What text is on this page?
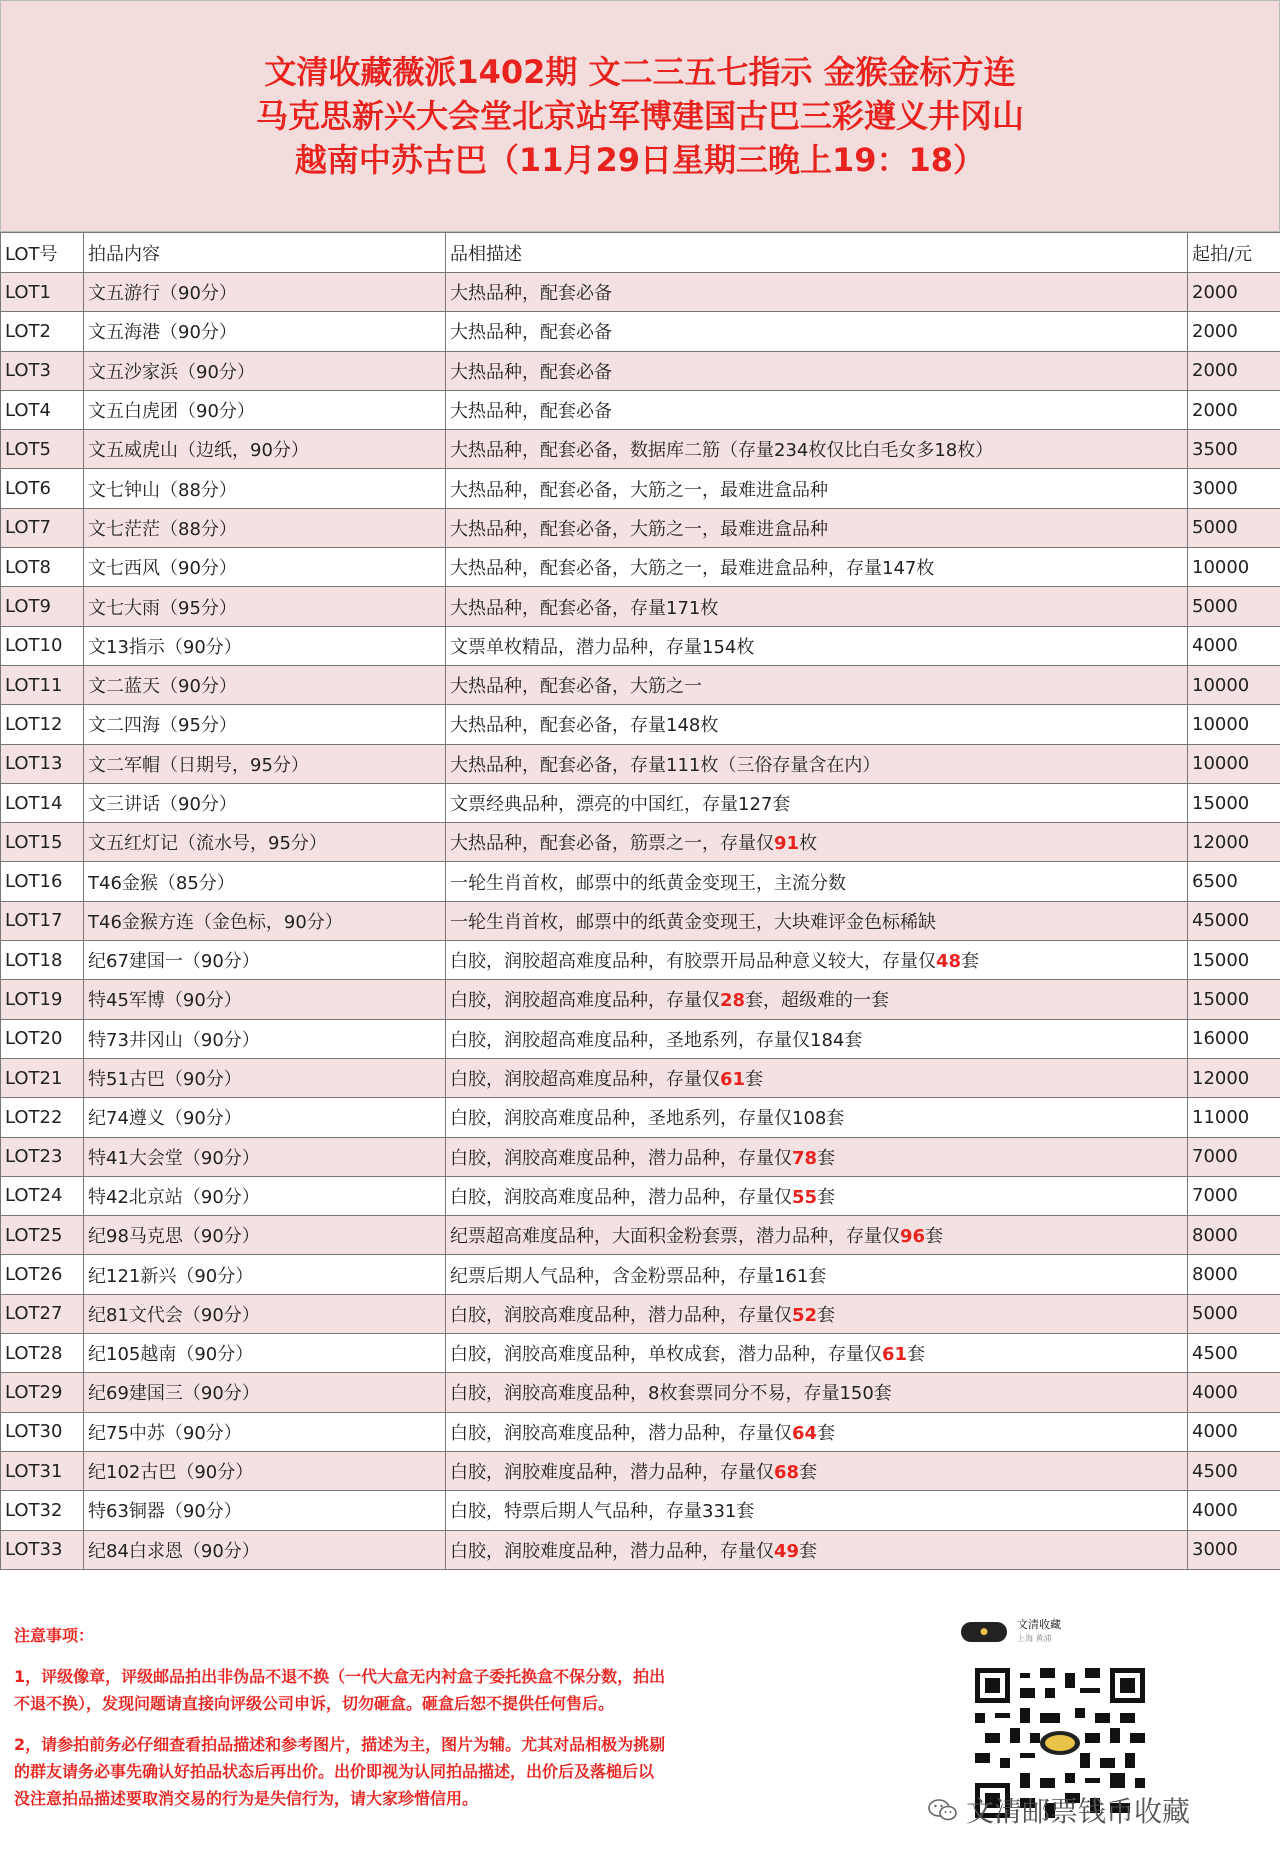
文清收藏薇派1402期 文二三五七指示 金猴金标方连
马克思新兴大会堂北京站军博建国古巴三彩遵义井冈山
越南中苏古巴（11月29日星期三晚上19：18）
LOT号	拍品内容	品相描述	起拍/元
LOT1	文五游行（90分）	大热品种，配套必备	2000
LOT2	文五海港（90分）	大热品种，配套必备	2000
LOT3	文五沙家浜（90分）	大热品种，配套必备	2000
LOT4	文五白虎团（90分）	大热品种，配套必备	2000
LOT5	文五威虎山（边纸，90分）	大热品种，配套必备，数据库二筋（存量234枚仅比白毛女多18枚）	3500
LOT6	文七钟山（88分）	大热品种，配套必备，大筋之一，最难进盒品种	3000
LOT7	文七茫茫（88分）	大热品种，配套必备，大筋之一，最难进盒品种	5000
LOT8	文七西风（90分）	大热品种，配套必备，大筋之一，最难进盒品种，存量147枚	10000
LOT9	文七大雨（95分）	大热品种，配套必备，存量171枚	5000
LOT10	文13指示（90分）	文票单枚精品，潜力品种，存量154枚	4000
LOT11	文二蓝天（90分）	大热品种，配套必备，大筋之一	10000
LOT12	文二四海（95分）	大热品种，配套必备，存量148枚	10000
LOT13	文二军帽（日期号，95分）	大热品种，配套必备，存量111枚（三俗存量含在内）	10000
LOT14	文三讲话（90分）	文票经典品种，漂亮的中国红，存量127套	15000
LOT15	文五红灯记（流水号，95分）	大热品种，配套必备，筋票之一，存量仅91枚	12000
LOT16	T46金猴（85分）	一轮生肖首枚，邮票中的纸黄金变现王，主流分数	6500
LOT17	T46金猴方连（金色标，90分）	一轮生肖首枚，邮票中的纸黄金变现王，大块难评金色标稀缺	45000
LOT18	纪67建国一（90分）	白胶，润胶超高难度品种，有胶票开局品种意义较大，存量仅48套	15000
LOT19	特45军博（90分）	白胶，润胶超高难度品种，存量仅28套，超级难的一套	15000
LOT20	特73井冈山（90分）	白胶，润胶超高难度品种，圣地系列，存量仅184套	16000
LOT21	特51古巴（90分）	白胶，润胶超高难度品种，存量仅61套	12000
LOT22	纪74遵义（90分）	白胶，润胶高难度品种，圣地系列，存量仅108套	11000
LOT23	特41大会堂（90分）	白胶，润胶高难度品种，潜力品种，存量仅78套	7000
LOT24	特42北京站（90分）	白胶，润胶高难度品种，潜力品种，存量仅55套	7000
LOT25	纪98马克思（90分）	纪票超高难度品种，大面积金粉套票，潜力品种，存量仅96套	8000
LOT26	纪121新兴（90分）	纪票后期人气品种，含金粉票品种，存量161套	8000
LOT27	纪81文代会（90分）	白胶，润胶高难度品种，潜力品种，存量仅52套	5000
LOT28	纪105越南（90分）	白胶，润胶高难度品种，单枚成套，潜力品种，存量仅61套	4500
LOT29	纪69建国三（90分）	白胶，润胶高难度品种，8枚套票同分不易，存量150套	4000
LOT30	纪75中苏（90分）	白胶，润胶高难度品种，潜力品种，存量仅64套	4000
LOT31	纪102古巴（90分）	白胶，润胶难度品种，潜力品种，存量仅68套	4500
LOT32	特63铜器（90分）	白胶，特票后期人气品种，存量331套	4000
LOT33	纪84白求恩（90分）	白胶，润胶难度品种，潜力品种，存量仅49套	3000
注意事项：
1，评级像章，评级邮品拍出非伪品不退不换（一代大盒无内衬盒子委托换盒不保分数，拍出
不退不换），发现问题请直接向评级公司申诉，切勿砸盒。砸盒后恕不提供任何售后。
2，请参拍前务必仔细查看拍品描述和参考图片，描述为主，图片为辅。尤其对品相极为挑剔
的群友请务必事先确认好拍品状态后再出价。出价即视为认同拍品描述，出价后及落槌后以
没注意拍品描述要取消交易的行为是失信行为，请大家珍惜信用。
●
文清收藏
上海 黄浦
文清邮票钱币收藏
